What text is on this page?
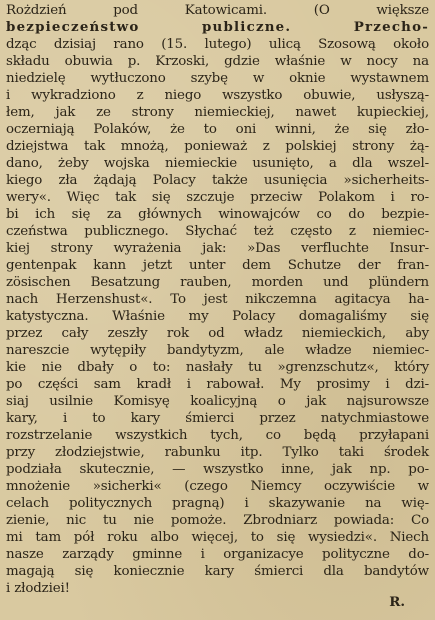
Rożdzień pod Katowicami. (O większe
bezpieczeństwo publiczne. Przecho-
dząc dzisiaj rano (15. lutego) ulicą Szosową około
składu obuwia p. Krzoski, gdzie właśnie w nocy na
niedzielę wytłuczono szybę w oknie wystawnem
i wykradziono z niego wszystko obuwie, usłyszą-
łem, jak ze strony niemieckiej, nawet kupieckiej,
oczerniają Polaków, że to oni winni, że się zło-
dziejstwa tak mnożą, ponieważ z polskiej strony żą-
dano, żeby wojska niemieckie usunięto, a dla wszel-
kiego zła żądają Polacy także usunięcia »sicherheits-
wery«. Więc tak się szczuje przeciw Polakom i ro-
bi ich się za głównych winowajców co do bezpie-
czeństwa publicznego. Słychać też często z niemiec-
kiej strony wyrażenia jak: »Das verfluchte Insur-
gentenpak kann jetzt unter dem Schutze der fran-
zösischen Besatzung rauben, morden und plündern
nach Herzenshust«. To jest nikczemna agitacya ha-
katystyczna. Właśnie my Polacy domagaliśmy się
przez cały zeszły rok od władz niemieckich, aby
nareszcie wytępiły bandytyzm, ale władze niemiec-
kie nie dbały o to: nasłały tu »grenzschutz«, który
po części sam kradł i rabował. My prosimy i dzi-
siaj usilnie Komisyę koalicyjną o jak najsurowsze
kary, i to kary śmierci przez natychmiastowe
rozstrzelanie wszystkich tych, co będą przyłapani
przy złodziejstwie, rabunku itp. Tylko taki środek
podziała skutecznie, — wszystko inne, jak np. po-
mnożenie »sicherki« (czego Niemcy oczywiście w
celach politycznych pragną) i skazywanie na wię-
zienie, nic tu nie pomoże. Zbrodniarz powiada: Co
mi tam pół roku albo więcej, to się wysiedzi«. Niech
nasze zarządy gminne i organizacye polityczne do-
magają się koniecznie kary śmierci dla bandytów
i złodziei!
R.
